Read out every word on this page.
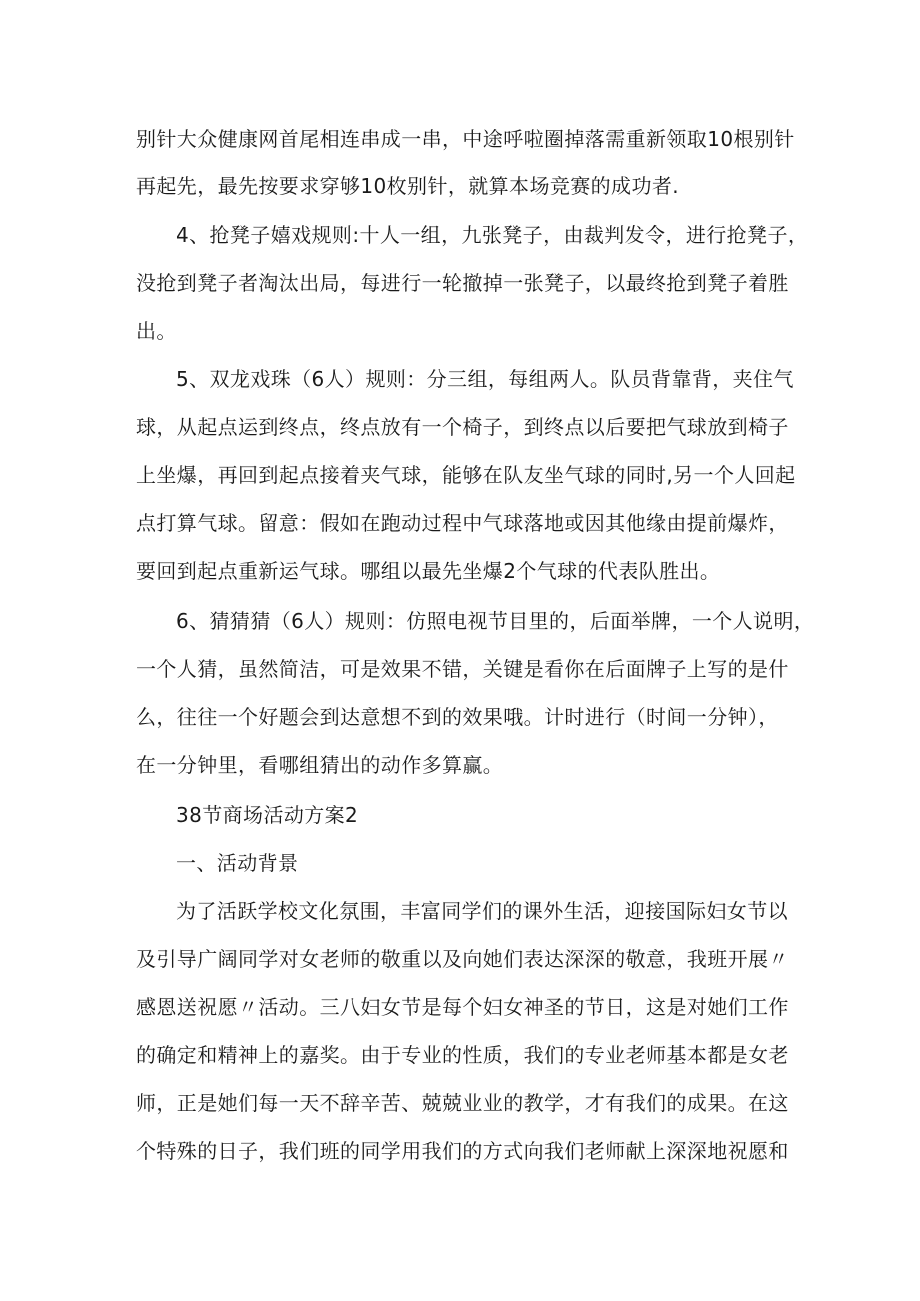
别针大众健康网首尾相连串成一串，中途呼啦圈掉落需重新领取10根别针
再起先，最先按要求穿够10枚别针，就算本场竞赛的成功者.
4、抢凳子嬉戏规则:十人一组，九张凳子，由裁判发令，进行抢凳子，
没抢到凳子者淘汰出局，每进行一轮撤掉一张凳子，以最终抢到凳子着胜
出。
5、双龙戏珠（6人）规则：分三组，每组两人。队员背靠背，夹住气
球，从起点运到终点，终点放有一个椅子，到终点以后要把气球放到椅子
上坐爆，再回到起点接着夹气球，能够在队友坐气球的同时,另一个人回起
点打算气球。留意：假如在跑动过程中气球落地或因其他缘由提前爆炸，
要回到起点重新运气球。哪组以最先坐爆2个气球的代表队胜出。
6、猜猜猜（6人）规则：仿照电视节目里的，后面举牌，一个人说明，
一个人猜，虽然简洁，可是效果不错，关键是看你在后面牌子上写的是什
么，往往一个好题会到达意想不到的效果哦。计时进行（时间一分钟），
在一分钟里，看哪组猜出的动作多算赢。
38节商场活动方案2
一、活动背景
为了活跃学校文化氛围，丰富同学们的课外生活，迎接国际妇女节以
及引导广阔同学对女老师的敬重以及向她们表达深深的敬意，我班开展〃
感恩送祝愿〃活动。三八妇女节是每个妇女神圣的节日，这是对她们工作
的确定和精神上的嘉奖。由于专业的性质，我们的专业老师基本都是女老
师，正是她们每一天不辞辛苦、兢兢业业的教学，才有我们的成果。在这
个特殊的日子，我们班的同学用我们的方式向我们老师献上深深地祝愿和
